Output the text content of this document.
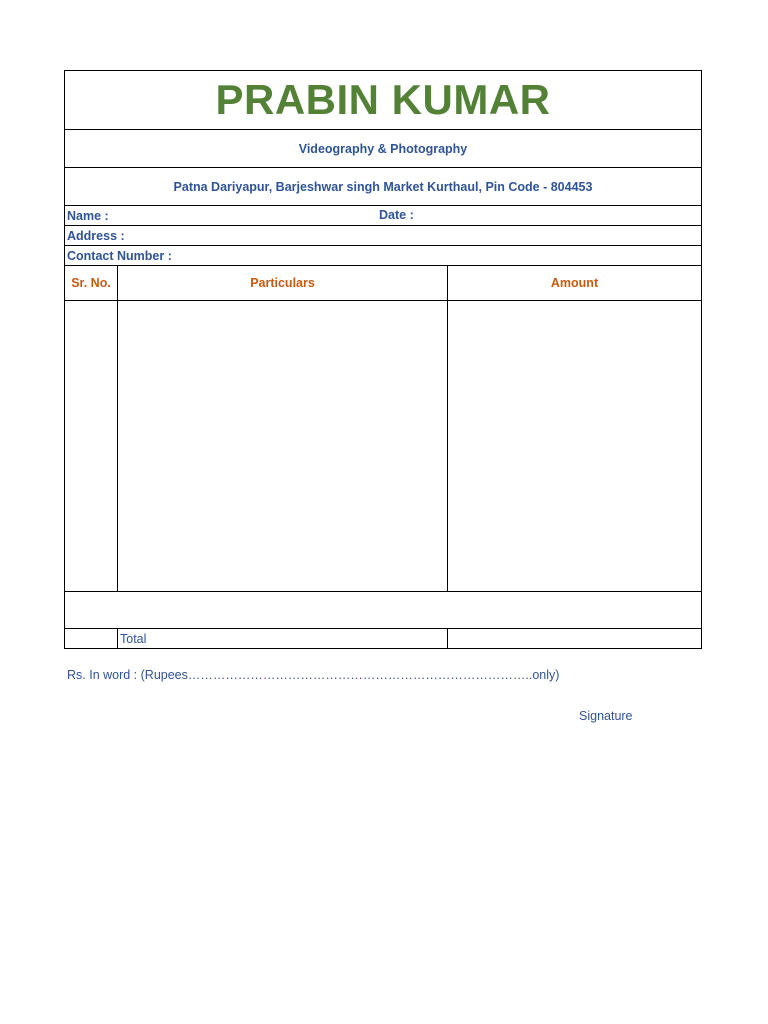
PRABIN KUMAR		
Videography & Photography		
Patna Dariyapur, Barjeshwar singh Market Kurthaul, Pin Code - 804453		
Name : Date :		

Address :		
Contact Number :		
Sr. No.	Particulars	Amount

	Total	
Rs. In word : (Rupees………………………………………………………………………..only)
Signature
